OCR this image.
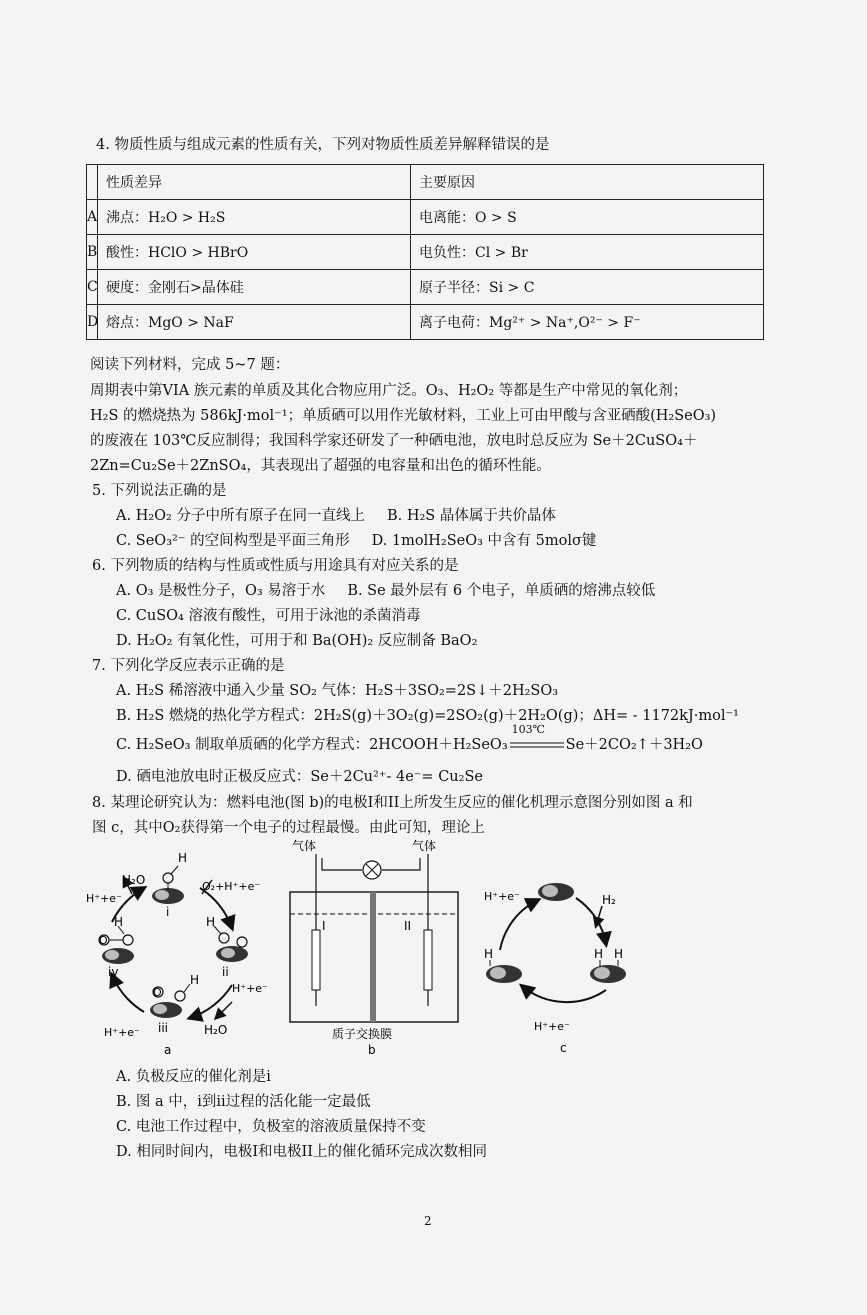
4. 物质性质与组成元素的性质有关，下列对物质性质差异解释错误的是
	性质差异	主要原因
A	沸点：H₂O > H₂S	电离能：O > S
B	酸性：HClO > HBrO	电负性：Cl > Br
C	硬度：金刚石>晶体硅	原子半径：Si > C
D	熔点：MgO > NaF	离子电荷：Mg²⁺ > Na⁺,O²⁻ > F⁻
阅读下列材料，完成 5~7 题：
周期表中第VIA 族元素的单质及其化合物应用广泛。O₃、H₂O₂ 等都是生产中常见的氧化剂；
H₂S 的燃烧热为 586kJ·mol⁻¹；单质硒可以用作光敏材料，工业上可由甲酸与含亚硒酸(H₂SeO₃)
的废液在 103℃反应制得；我国科学家还研发了一种硒电池，放电时总反应为 Se＋2CuSO₄＋
2Zn=Cu₂Se＋2ZnSO₄，其表现出了超强的电容量和出色的循环性能。
5. 下列说法正确的是
A. H₂O₂ 分子中所有原子在同一直线上 B. H₂S 晶体属于共价晶体
C. SeO₃²⁻ 的空间构型是平面三角形 D. 1molH₂SeO₃ 中含有 5molσ键
6. 下列物质的结构与性质或性质与用途具有对应关系的是
A. O₃ 是极性分子，O₃ 易溶于水 B. Se 最外层有 6 个电子，单质硒的熔沸点较低
C. CuSO₄ 溶液有酸性，可用于泳池的杀菌消毒
D. H₂O₂ 有氧化性，可用于和 Ba(OH)₂ 反应制备 BaO₂
7. 下列化学反应表示正确的是
A. H₂S 稀溶液中通入少量 SO₂ 气体：H₂S＋3SO₂=2S↓＋2H₂SO₃
B. H₂S 燃烧的热化学方程式：2H₂S(g)＋3O₂(g)=2SO₂(g)＋2H₂O(g)；ΔH= - 1172kJ·mol⁻¹
C. H₂SeO₃ 制取单质硒的化学方程式：2HCOOH＋H₂SeO₃
103℃
Se＋2CO₂↑＋3H₂O
D. 硒电池放电时正极反应式：Se＋2Cu²⁺- 4e⁻= Cu₂Se
8. 某理论研究认为：燃料电池(图 b)的电极I和II上所发生反应的催化机理示意图分别如图 a 和
图 c，其中O₂获得第一个电子的过程最慢。由此可知，理论上
H₂O
H
O₂+H⁺+e⁻
H⁺+e⁻
H	H
O
O
H
H⁺+e⁻
H⁺+e⁻	H₂O
i
ii
iii
iv
a
气体	气体
I	II
质子交换膜
b
H⁺+e⁻	H₂
H H
H
H⁺+e⁻
c
A. 负极反应的催化剂是i
B. 图 a 中，i到ii过程的活化能一定最低
C. 电池工作过程中，负极室的溶液质量保持不变
D. 相同时间内，电极I和电极II上的催化循环完成次数相同
2
